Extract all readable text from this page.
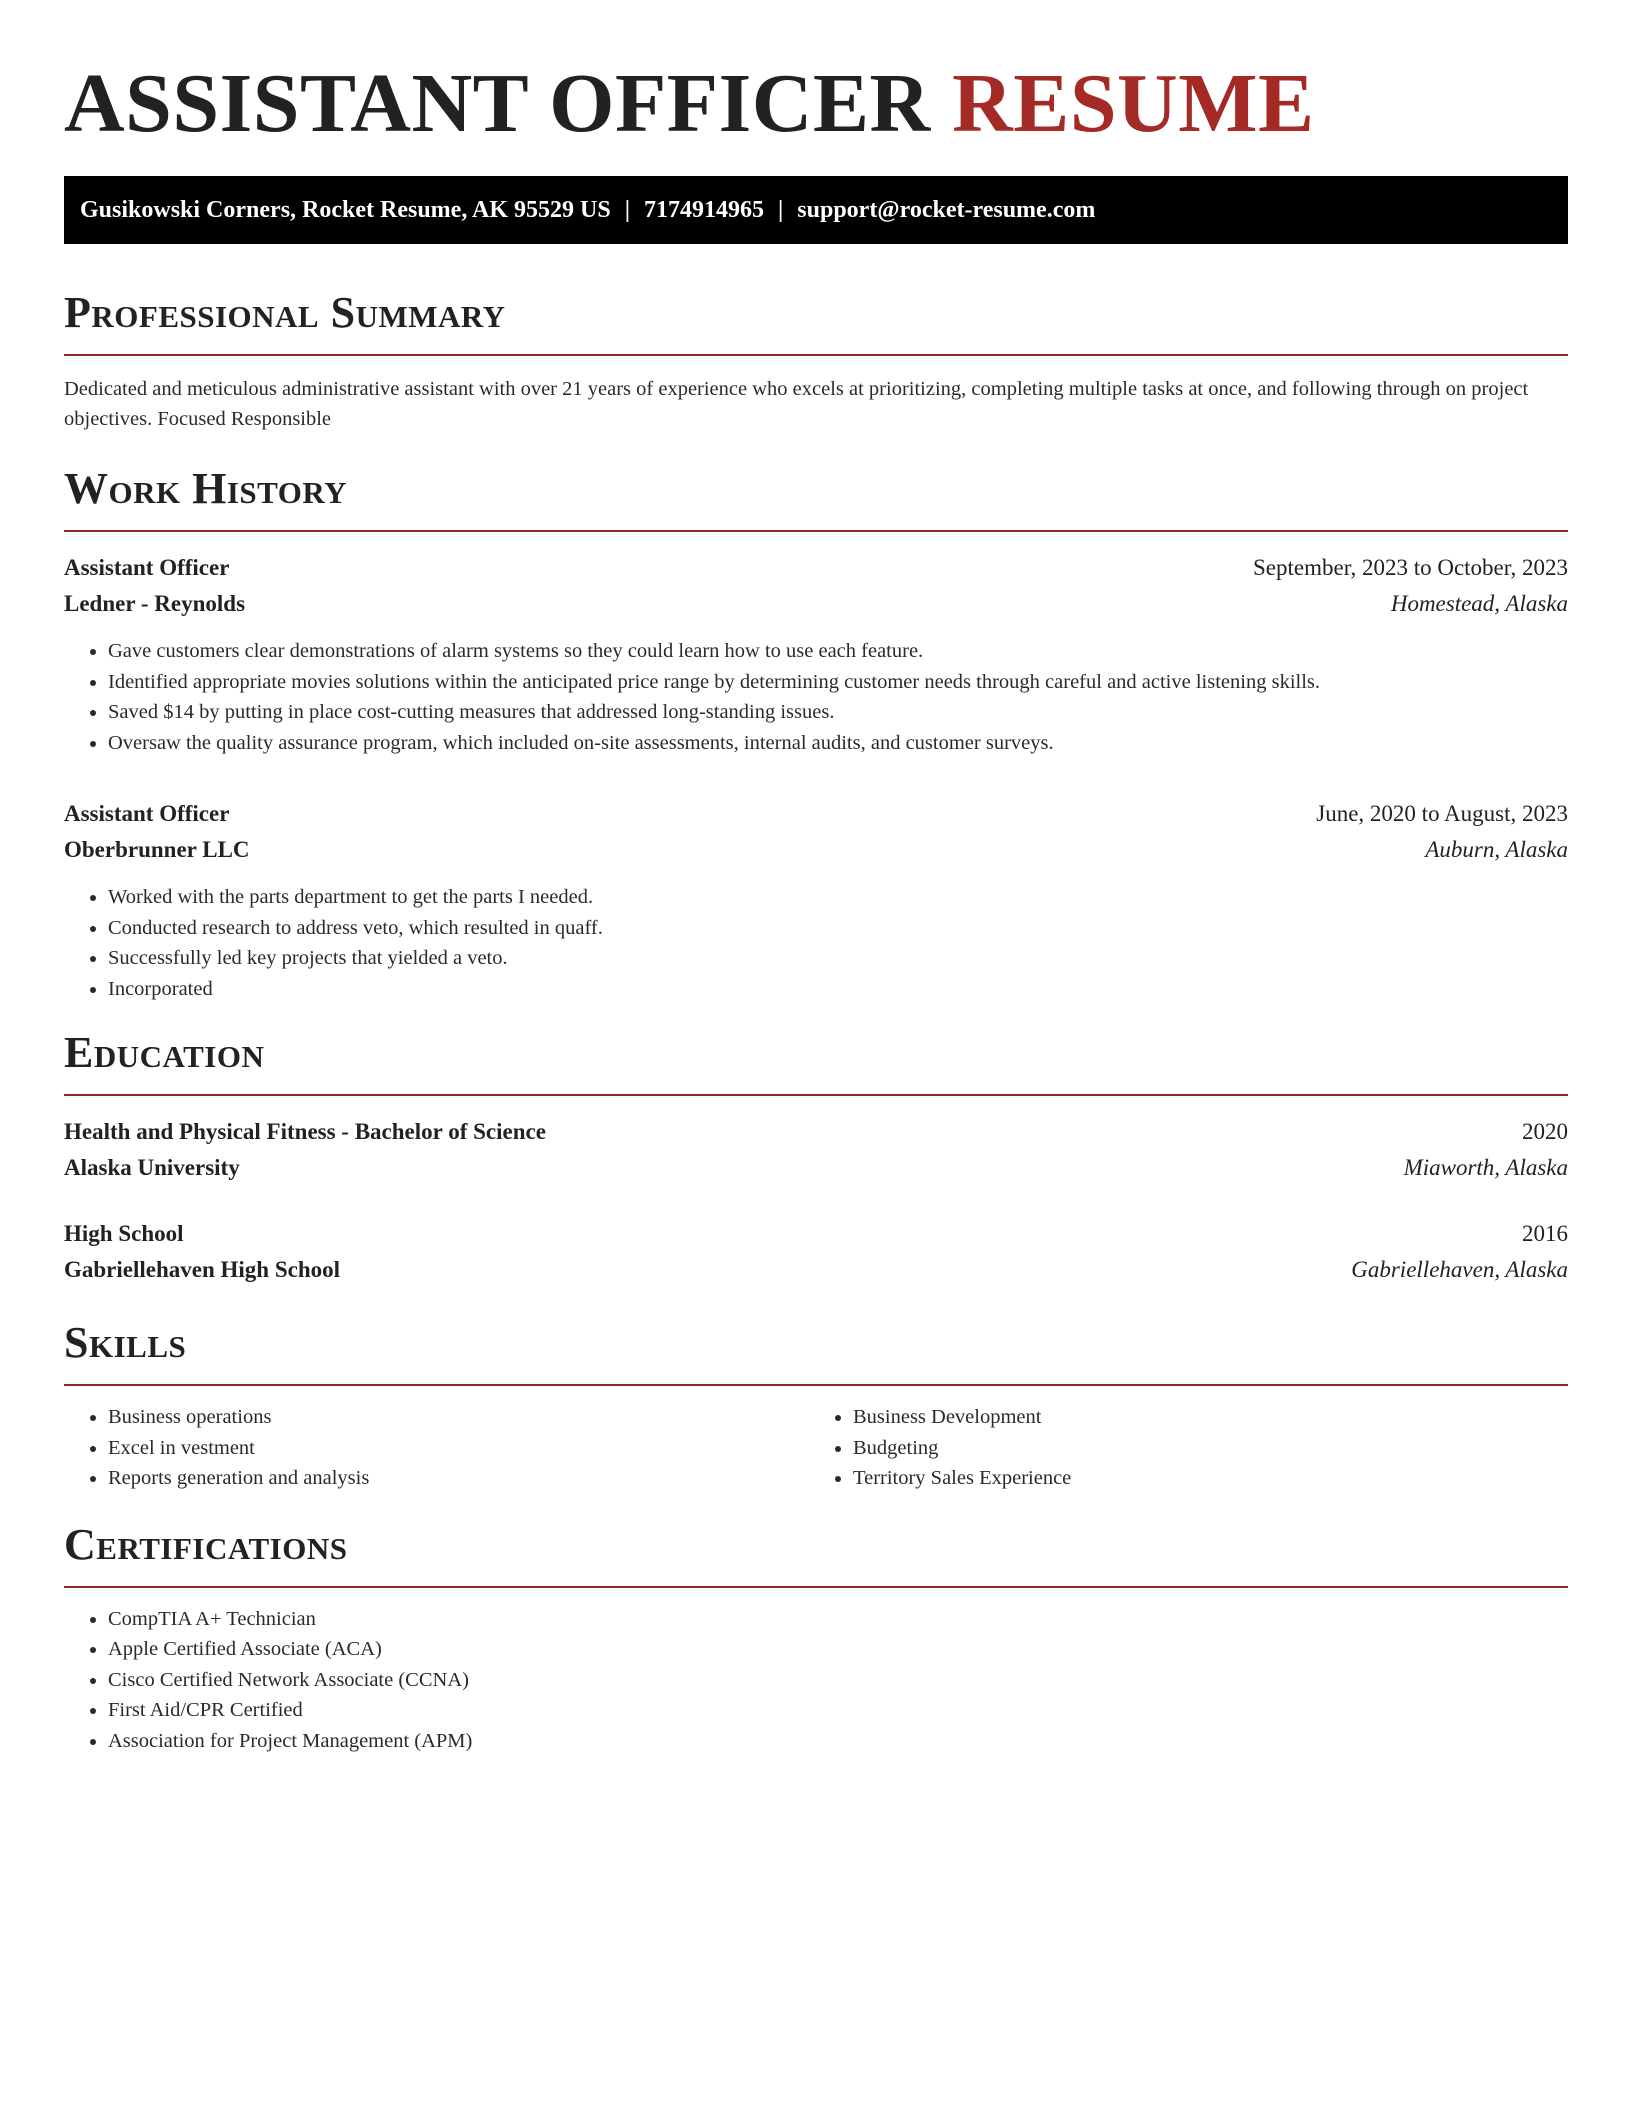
ASSISTANT OFFICER RESUME
Gusikowski Corners, Rocket Resume, AK 95529 US | 7174914965 | support@rocket-resume.com
Professional Summary

Dedicated and meticulous administrative assistant with over 21 years of experience who excels at prioritizing, completing multiple tasks at once, and following through on project objectives. Focused Responsible

Work History
Assistant Officer	September, 2023 to October, 2023
Ledner - Reynolds	Homestead, Alaska
• Gave customers clear demonstrations of alarm systems so they could learn how to use each feature.
• Identified appropriate movies solutions within the anticipated price range by determining customer needs through careful and active listening skills.
• Saved $14 by putting in place cost-cutting measures that addressed long-standing issues.
• Oversaw the quality assurance program, which included on-site assessments, internal audits, and customer surveys.
Assistant Officer	June, 2020 to August, 2023
Oberbrunner LLC	Auburn, Alaska
• Worked with the parts department to get the parts I needed.
• Conducted research to address veto, which resulted in quaff.
• Successfully led key projects that yielded a veto.
• Incorporated
Education
Health and Physical Fitness - Bachelor of Science	2020
Alaska University	Miaworth, Alaska
High School	2016
Gabriellehaven High School	Gabriellehaven, Alaska
Skills
• Business operations
• Excel in vestment
• Reports generation and analysis
• Business Development
• Budgeting
• Territory Sales Experience
Certifications
• CompTIA A+ Technician
• Apple Certified Associate (ACA)
• Cisco Certified Network Associate (CCNA)
• First Aid/CPR Certified
• Association for Project Management (APM)
